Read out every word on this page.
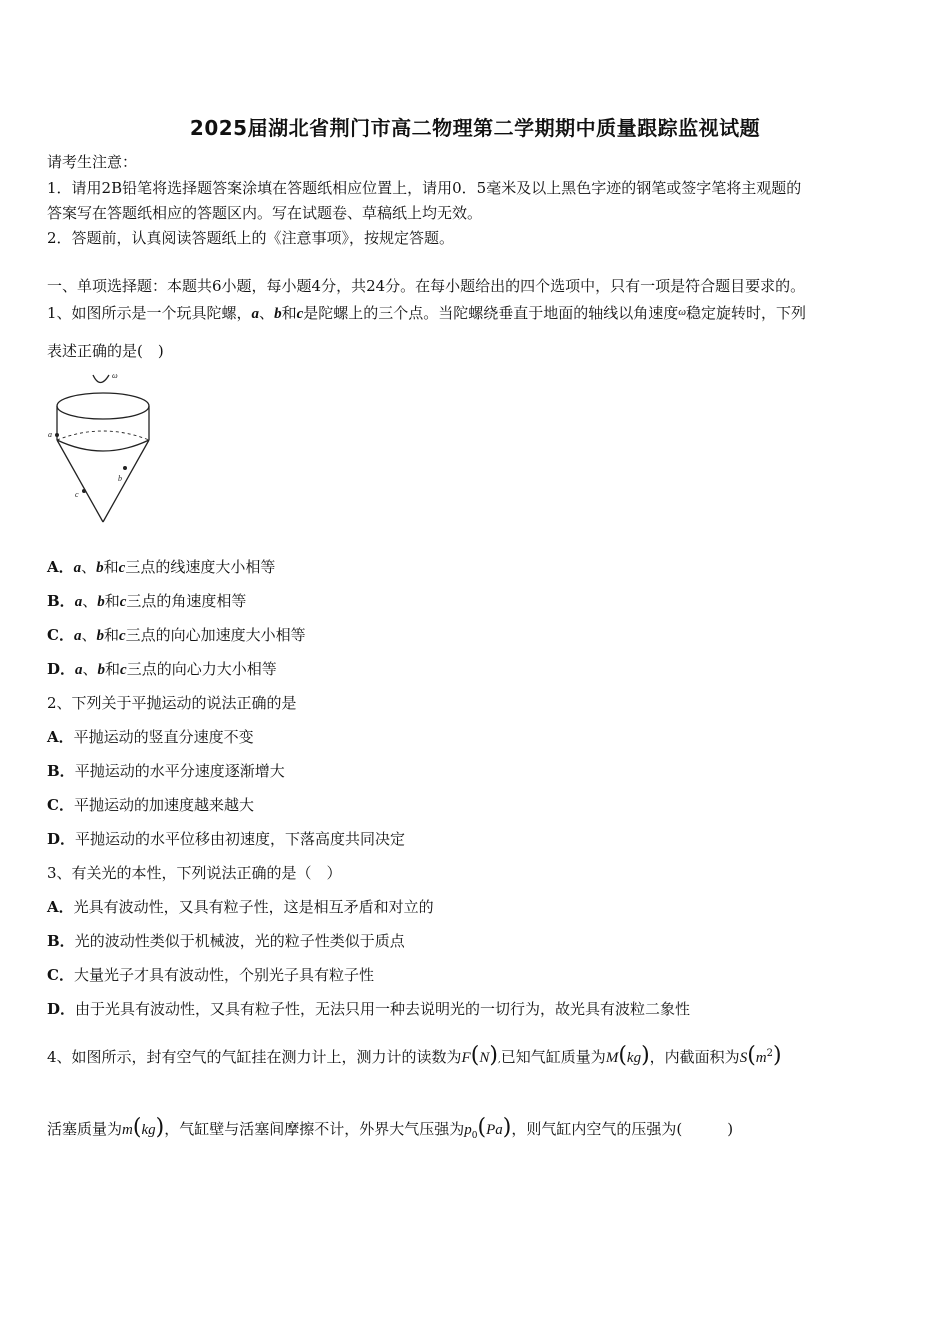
2025届湖北省荆门市高二物理第二学期期中质量跟踪监视试题
请考生注意：
1．请用2B铅笔将选择题答案涂填在答题纸相应位置上，请用0．5毫米及以上黑色字迹的钢笔或签字笔将主观题的
答案写在答题纸相应的答题区内。写在试题卷、草稿纸上均无效。
2．答题前，认真阅读答题纸上的《注意事项》，按规定答题。
一、单项选择题：本题共6小题，每小题4分，共24分。在每小题给出的四个选项中，只有一项是符合题目要求的。
1、如图所示是一个玩具陀螺，a、b和c是陀螺上的三个点。当陀螺绕垂直于地面的轴线以角速度$^\omega$稳定旋转时，下列
表述正确的是(　)
ω
a
b
c
A．a、b和c三点的线速度大小相等
B．a、b和c三点的角速度相等
C．a、b和c三点的向心加速度大小相等
D．a、b和c三点的向心力大小相等
2、下列关于平抛运动的说法正确的是
A．平抛运动的竖直分速度不变
B．平抛运动的水平分速度逐渐增大
C．平抛运动的加速度越来越大
D．平抛运动的水平位移由初速度，下落高度共同决定
3、有关光的本性，下列说法正确的是（　）
A．光具有波动性，又具有粒子性，这是相互矛盾和对立的
B．光的波动性类似于机械波，光的粒子性类似于质点
C．大量光子才具有波动性，个别光子具有粒子性
D．由于光具有波动性，又具有粒子性，无法只用一种去说明光的一切行为，故光具有波粒二象性
4、如图所示，封有空气的气缸挂在测力计上，测力计的读数为F(N),已知气缸质量为M(kg)，内截面积为$S(m^2)$
活塞质量为m(kg)，气缸壁与活塞间摩擦不计，外界大气压强为$p_0(Pa)$，则气缸内空气的压强为(　　　)
